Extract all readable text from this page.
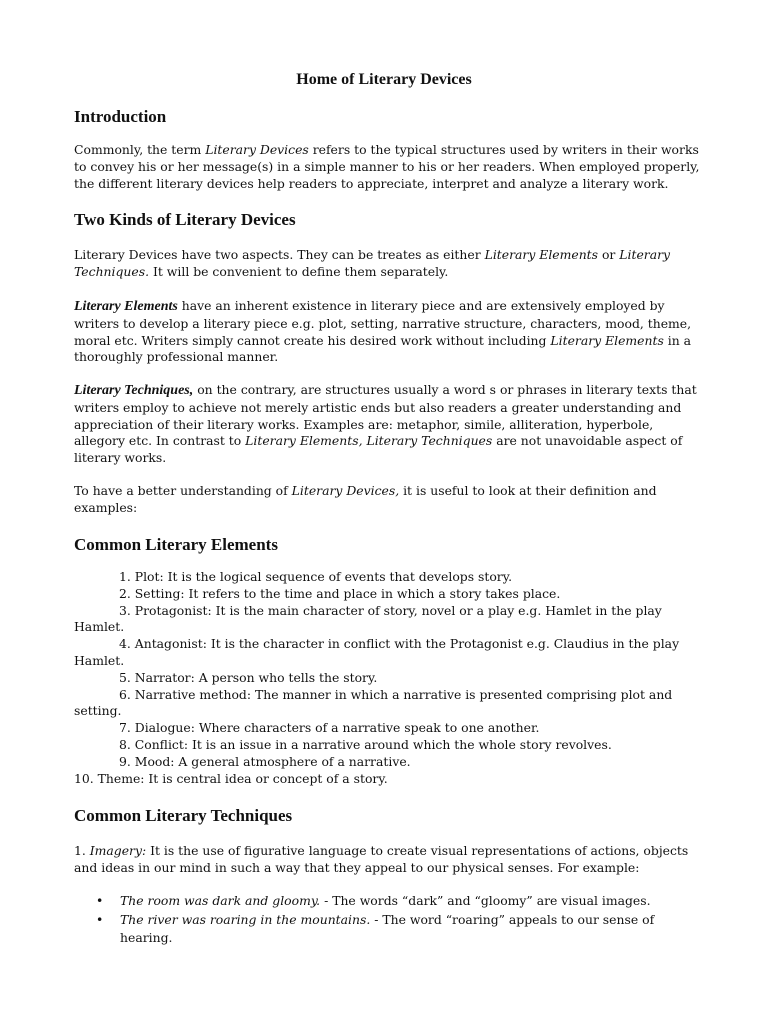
Home of Literary Devices
Introduction

Commonly, the term Literary Devices refers to the typical structures used by writers in their works to convey his or her message(s) in a simple manner to his or her readers. When employed properly, the different literary devices help readers to appreciate, interpret and analyze a literary work.

Two Kinds of Literary Devices

Literary Devices have two aspects. They can be treates as either Literary Elements or Literary Techniques. It will be convenient to define them separately.

Literary Elements have an inherent existence in literary piece and are extensively employed by writers to develop a literary piece e.g. plot, setting, narrative structure, characters, mood, theme, moral etc. Writers simply cannot create his desired work without including Literary Elements in a thoroughly professional manner.

Literary Techniques, on the contrary, are structures usually a word s or phrases in literary texts that writers employ to achieve not merely artistic ends but also readers a greater understanding and appreciation of their literary works. Examples are: metaphor, simile, alliteration, hyperbole, allegory etc. In contrast to Literary Elements, Literary Techniques are not unavoidable aspect of literary works.

To have a better understanding of Literary Devices, it is useful to look at their definition and examples:

Common Literary Elements
1. Plot: It is the logical sequence of events that develops story.
2. Setting: It refers to the time and place in which a story takes place.
3. Protagonist: It is the main character of story, novel or a play e.g. Hamlet in the play Hamlet.
4. Antagonist: It is the character in conflict with the Protagonist e.g. Claudius in the play Hamlet.
5. Narrator: A person who tells the story.
6. Narrative method: The manner in which a narrative is presented comprising plot and setting.
7. Dialogue: Where characters of a narrative speak to one another.
8. Conflict: It is an issue in a narrative around which the whole story revolves.
9. Mood: A general atmosphere of a narrative.
10. Theme: It is central idea or concept of a story.
Common Literary Techniques

1. Imagery: It is the use of figurative language to create visual representations of actions, objects and ideas in our mind in such a way that they appeal to our physical senses. For example:

• The room was dark and gloomy. - The words “dark” and “gloomy” are visual images.
• The river was roaring in the mountains. - The word “roaring” appeals to our sense of hearing.
